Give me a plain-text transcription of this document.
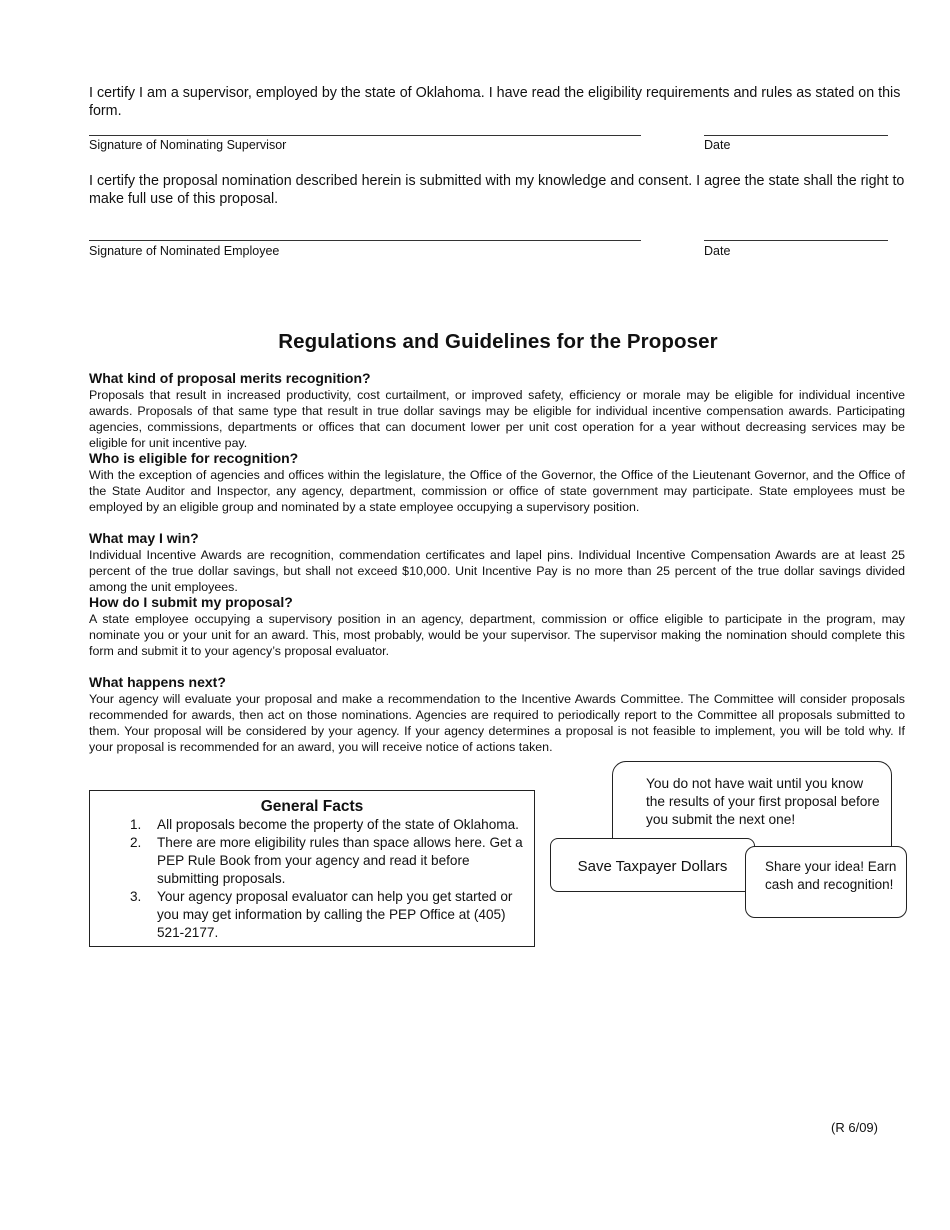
I certify I am a supervisor, employed by the state of Oklahoma. I have read the eligibility requirements and rules as stated on this form.
Signature of Nominating Supervisor	Date
I certify the proposal nomination described herein is submitted with my knowledge and consent. I agree the state shall the right to make full use of this proposal.
Signature of Nominated Employee	Date
Regulations and Guidelines for the Proposer
What kind of proposal merits recognition?

Proposals that result in increased productivity, cost curtailment, or improved safety, efficiency or morale may be eligible for individual incentive awards. Proposals of that same type that result in true dollar savings may be eligible for individual incentive compensation awards. Participating agencies, commissions, departments or offices that can document lower per unit cost operation for a year without decreasing services may be eligible for unit incentive pay.

Who is eligible for recognition?

With the exception of agencies and offices within the legislature, the Office of the Governor, the Office of the Lieutenant Governor, and the Office of the State Auditor and Inspector, any agency, department, commission or office of state government may participate. State employees must be employed by an eligible group and nominated by a state employee occupying a supervisory position.

What may I win?

Individual Incentive Awards are recognition, commendation certificates and lapel pins. Individual Incentive Compensation Awards are at least 25 percent of the true dollar savings, but shall not exceed $10,000. Unit Incentive Pay is no more than 25 percent of the true dollar savings divided among the unit employees.

How do I submit my proposal?

A state employee occupying a supervisory position in an agency, department, commission or office eligible to participate in the program, may nominate you or your unit for an award. This, most probably, would be your supervisor. The supervisor making the nomination should complete this form and submit it to your agency’s proposal evaluator.

What happens next?

Your agency will evaluate your proposal and make a recommendation to the Incentive Awards Committee. The Committee will consider proposals recommended for awards, then act on those nominations. Agencies are required to periodically report to the Committee all proposals submitted to them. Your proposal will be considered by your agency. If your agency determines a proposal is not feasible to implement, you will be told why. If your proposal is recommended for an award, you will receive notice of actions taken.

General Facts
1. All proposals become the property of the state of Oklahoma.
2. There are more eligibility rules than space allows here. Get a PEP Rule Book from your agency and read it before submitting proposals.
3. Your agency proposal evaluator can help you get started or you may get information by calling the PEP Office at (405) 521-2177.
You do not have wait until you know the results of your first proposal before you submit the next one!
Save Taxpayer Dollars	Share your idea! Earn cash and recognition!
(R 6/09)
